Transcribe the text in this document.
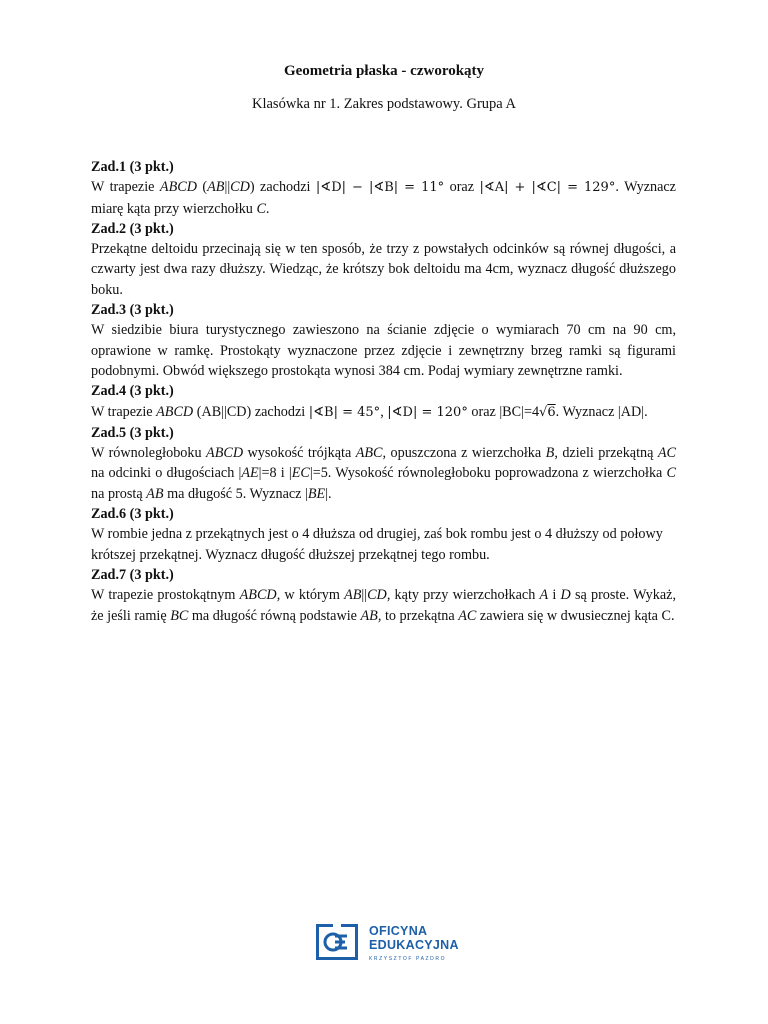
Geometria płaska - czworokąty
Klasówka nr 1. Zakres podstawowy. Grupa A
Zad.1 (3 pkt.)
W trapezie ABCD (AB||CD) zachodzi |∢D| − |∢B| = 11° oraz |∢A| + |∢C| = 129°. Wyznacz miarę kąta przy wierzchołku C.
Zad.2 (3 pkt.)
Przekątne deltoidu przecinają się w ten sposób, że trzy z powstałych odcinków są równej długości, a czwarty jest dwa razy dłuższy. Wiedząc, że krótszy bok deltoidu ma 4cm, wyznacz długość dłuższego boku.
Zad.3 (3 pkt.)
W siedzibie biura turystycznego zawieszono na ścianie zdjęcie o wymiarach 70 cm na 90 cm, oprawione w ramkę. Prostokąty wyznaczone przez zdjęcie i zewnętrzny brzeg ramki są figurami podobnymi. Obwód większego prostokąta wynosi 384 cm. Podaj wymiary zewnętrzne ramki.
Zad.4 (3 pkt.)
W trapezie ABCD (AB||CD) zachodzi |∢B| = 45°, |∢D| = 120° oraz |BC|=4√6. Wyznacz |AD|.
Zad.5 (3 pkt.)
W równoległoboku ABCD wysokość trójkąta ABC, opuszczona z wierzchołka B, dzieli przekątną AC na odcinki o długościach |AE|=8 i |EC|=5. Wysokość równoległoboku poprowadzona z wierzchołka C na prostą AB ma długość 5. Wyznacz |BE|.
Zad.6 (3 pkt.)
W rombie jedna z przekątnych jest o 4 dłuższa od drugiej, zaś bok rombu jest o 4 dłuższy od połowy krótszej przekątnej. Wyznacz długość dłuższej przekątnej tego rombu.
Zad.7 (3 pkt.)
W trapezie prostokątnym ABCD, w którym AB||CD, kąty przy wierzchołkach A i D są proste. Wykaż, że jeśli ramię BC ma długość równą podstawie AB, to przekątna AC zawiera się w dwusiecznej kąta C.
OFICYNA
EDUKACYJNA
KRZYSZTOF PAZDRO
